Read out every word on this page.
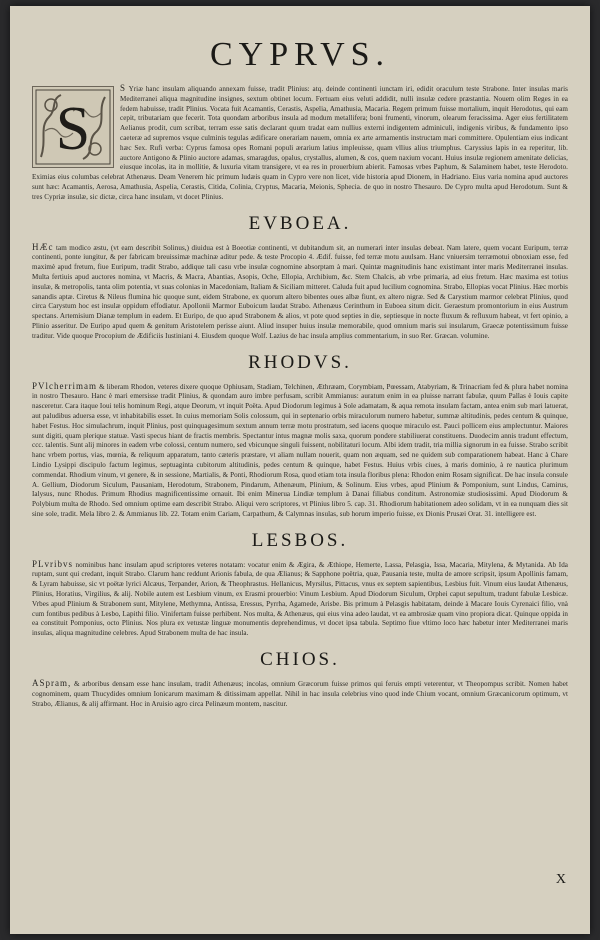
CYPRVS.
S

S Yriæ hanc insulam aliquando annexam fuisse, tradit Plinius: atq. deinde continenti iunctam iri, edidit oraculum teste Strabone. Inter insulas maris Mediterranei aliqua magnitudine insignes, sextum obtinet locum. Fertuam eius veluti addidit, nulli insulæ cedere præstantia. Nouem olim Reges in ea fedem habuisse, tradit Plinius. Vocata fuit Acamantis, Cerastis, Aspelia, Amathusia, Macaria. Regem primum fuisse mortalium, inquit Herodotus, qui eam cepit, tributariam que fecerit. Tota quondam arboribus insula ad modum metallifera; boni frumenti, vinorum, olearum feracissima. Ager eius fertilitatem Aelianus prodit, cum scribat, terram esse satis declarant quum tradat eam nullius externi indigentem adminiculi, indigenis viribus, & fundamento ipso caeteræ ad supremos vsque culminis tegulas ædificare onerariam nauem, omnia ex arte armamentis instructam mari committere. Opulentiam eius indicant hæc Sex. Rufi verba: Cyprus famosa opes Romani populi ærarium latius impleuisse, quam vllius alius triumphus. Caryssius lapis in ea reperitur, lib. auctore Antigono & Plinio auctore adamas, smaragdus, opalus, crystallus, alumen, & cos, quem naxium vocant. Huius insulæ regionem amenitate delicias, eiusque incolas, ita in mollitie, & luxuria vitam transigere, vt ea res in prouerbium abierit. Famosas vrbes Paphum, & Salaminem habet, teste Herodoto. Eximias eius columbas celebrat Athenæus. Deam Venerem hic primum ludæis quam in Cypro vere non licet, vide historia apud Dionem, in Hadriano. Eius varia nomina apud auctores sunt hæc: Acamantis, Aerosa, Amathusia, Aspelia, Cerastis, Citida, Colinia, Cryptus, Macaria, Meionis, Sphecia. de quo in nostro Thesauro. De Cypro multa apud Herodotum. Sunt & tres Cypriæ insulæ, sic dictæ, circa hanc insulam, vt docet Plinius.

EVBOEA.

HÆc tam modico æstu, (vt eam describit Solinus,) diuidua est à Boeotiæ continenti, vt dubitandum sit, an numerari inter insulas debeat. Nam latere, quem vocant Euripum, terræ continenti, ponte iungitur, & per fabricam breuissimæ machinæ aditur pede. & teste Procopio 4. Ædif. fuisse, fed terræ motu auulsam. Hanc vniuersim terræmotui obnoxiam esse, fed maximè apud fretum, fiue Euripum, tradit Strabo, addique tali casu vrbe insulæ cognomine absorptam à mari. Quintæ magnitudinis hanc existimant inter maris Mediterranei insulas. Multa fertiuis apud auctores nomina, vt Macris, & Macra, Abantias, Asopis, Oche, Ellopia, Archibium, &c. Stem Chalcis, ab vrbe primaria, ad eius fretum. Hæc maxima est totius insulæ, & metropolis, tanta olim potentia, vt suas colonias in Macedoniam, Italiam & Siciliam mitteret. Caluda fuit apud lucilium cognomina. Strabo, Ellopias vocat Plinius. Hæc morbis sanandis aptæ. Ciretus & Nileus flumina hic quoque sunt, eidem Strabone, ex quorum altero bibentes oues albæ fiunt, ex altero nigræ. Sed & Carystium marmor celebrat Plinius, quod circa Carystum hoc est insulæ oppidum effodiatur. Apollonii Marmor Euboicum laudat Strabo. Athenæus Cerinthum in Euboea situm dicit. Geraestum promontorium in eius Austrum spectans. Artemisium Dianæ templum in eadem. Et Euripo, de quo apud Strabonem & alios, vt pote quod septies in die, septiesque in nocte fluxum & refluxum habeat, vt fert opinio, a Plinio asseritur. De Euripo apud quem & genitum Aristotelem perisse aiunt. Aliud insuper huius insulæ memorabile, quod omnium maris sui insularum, Graecæ potentissimum fuisse traditur. Vide quoque Procopium de Ædificiis Iustiniani 4. Eiusdem quoque Wolf. Lazius de hac insula amplius commentarium, in suo Rer. Græcan. volumine.

RHODVS.

PVlcherrimam & liberam Rhodon, veteres dixere quoque Ophiusam, Stadiam, Telchinen, Æthræam, Corymbiam, Pœessam, Atabyriam, & Trinacriam fed & plura habet nomina in nostro Thesauro. Hanc è mari emersisse tradit Plinius, & quondam auro imbre perfusam, scribit Ammianus: auratum enim in ea pluisse narrant fabulæ, quum Pallas è Iouis capite nasceretur. Cara itaque Ioui telis hominum Regi, atque Deorum, vt inquit Poëta. Apud Diodorum legimus à Sole adamatam, & aqua remota insulam factam, antea enim sub mari latuerat, aut paludibus aduersa esse, vt inhabitabilis esset. In cuius memoriam Solis colossum, qui in septenario orbis miraculorum numero habetur, summæ altitudinis, pedes centum & quinque, habet Festus. Hoc simulachrum, inquit Plinius, post quinquagesimum sextum annum terræ motu prostratum, sed iacens quoque miraculo est. Pauci pollicem eius amplectuntur. Maiores sunt digiti, quam plerique statuæ. Vasti specus hiant de fractis membris. Spectantur intus magnæ molis saxa, quorum pondere stabiliuerat constituens. Duodecim annis tradunt effectum, ccc. talentis. Sunt alij minores in eadem vrbe colossi, centum numero, sed vbicunque singuli fuissent, nobilitaturi locum. Albi idem tradit, tria millia signorum in ea fuisse. Strabo scribit hanc vrbem portus, vias, mœnia, & reliquum apparatum, tanto cæteris præstare, vt aliam nullam nouerit, quam non æquam, sed ne quidem sub comparationem habeat. Hanc à Chare Lindio Lysippi discipulo factum legimus, septuaginta cubitorum altitudinis, pedes centum & quinque, habet Festus. Huius vrbis ciues, à maris dominio, à re nautica plurimum commendat. Rhodium vinum, vt genere, & in sessione, Martialis, & Ponti, Rhodiorum Rosa, quod etiam tota insula floribus plena: Rhodon enim Rosam significat. De hac insula consule A. Gellium, Diodorum Siculum, Pausaniam, Herodotum, Strabonem, Pindarum, Athenæum, Plinium, & Solinum. Eius vrbes, apud Plinium & Pomponium, sunt Lindus, Camirus, Ialysus, nunc Rhodus. Primum Rhodius magnificentissime ornauit. Ibi enim Minerua Lindiæ templum à Danai filiabus conditum. Astronomiæ studiosissimi. Apud Diodorum & Polybium multa de Rhodo. Sed omnium optime eam describit Strabo. Aliqui vero scriptores, vt Plinius libro 5. cap. 31. Rhodiorum habitationem adeo solidam, vt in ea nunquam dies sit sine sole, tradit. Mela libro 2. & Ammianus lib. 22. Totam enim Cariam, Carpathum, & Calymnas insulas, sub horum imperio fuisse, ex Dionis Prusæi Orat. 31. intelligere est.

LESBOS.

PLvribvs nominibus hanc insulam apud scriptores veteres notatam: vocatur enim & Ægira, & Æthiope, Hemerte, Lassa, Pelasgia, Issa, Macaria, Mitylena, & Mytanida. Ab Ida ruptam, sunt qui credant, inquit Strabo. Clarum hanc reddunt Arionis fabula, de qua Ælianus; & Sapphone poëtria, quæ, Pausania teste, multa de amore scripsit, ipsum Apollinis famam, & Lyram habuisse, sic vt poëtæ lyrici Alcæus, Terpander, Arion, & Theophrastus. Hellanicus, Myrsilus, Pittacus, vnus ex septem sapientibus, Lesbius fuit. Vinum eius laudat Athenæus, Plinius, Horatius, Virgilius, & alij. Nobile autem est Lesbium vinum, ex Erasmi prouerbio: Vinum Lesbium. Apud Diodorum Siculum, Orphei caput sepultum, tradunt fabulæ Lesbicæ. Vrbes apud Plinium & Strabonem sunt, Mitylene, Methymna, Antissa, Eressus, Pyrrha, Agamede, Arisbe. Bis primum à Pelasgis habitatam, deinde à Macare Iouis Cyrenaici filio, vnà cum fontibus pedibus à Lesbo, Lapithi filio. Vinifertam fuisse perhibent. Nos multa, & Athenæus, qui eius vina adeo laudat, vt ea ambrosiæ quam vino propiora dicat. Quinque oppida in ea constituit Pomponius, octo Plinius. Nos plura ex vetustæ linguæ monumentis deprehendimus, vt docet ipsa tabula. Septimo fiue vltimo loco hæc habetur inter Mediterranei maris insulas, aliqua magnitudine celebres. Apud Strabonem multa de hac insula.

CHIOS.

ASpram, & arboribus densam esse hanc insulam, tradit Athenæus; incolas, omnium Græcorum fuisse primos qui feruis empti veterentur, vt Theopompus scribit. Nomen habet cognominem, quam Thucydides omnium Ionicarum maximam & ditissimam appellat. Nihil in hac insula celebrius vino quod inde Chium vocant, omnium Græcanicorum optimum, vt Strabo, Ælianus, & alij affirmant. Hoc in Aruisio agro circa Pelinæum montem, nascitur.

X
